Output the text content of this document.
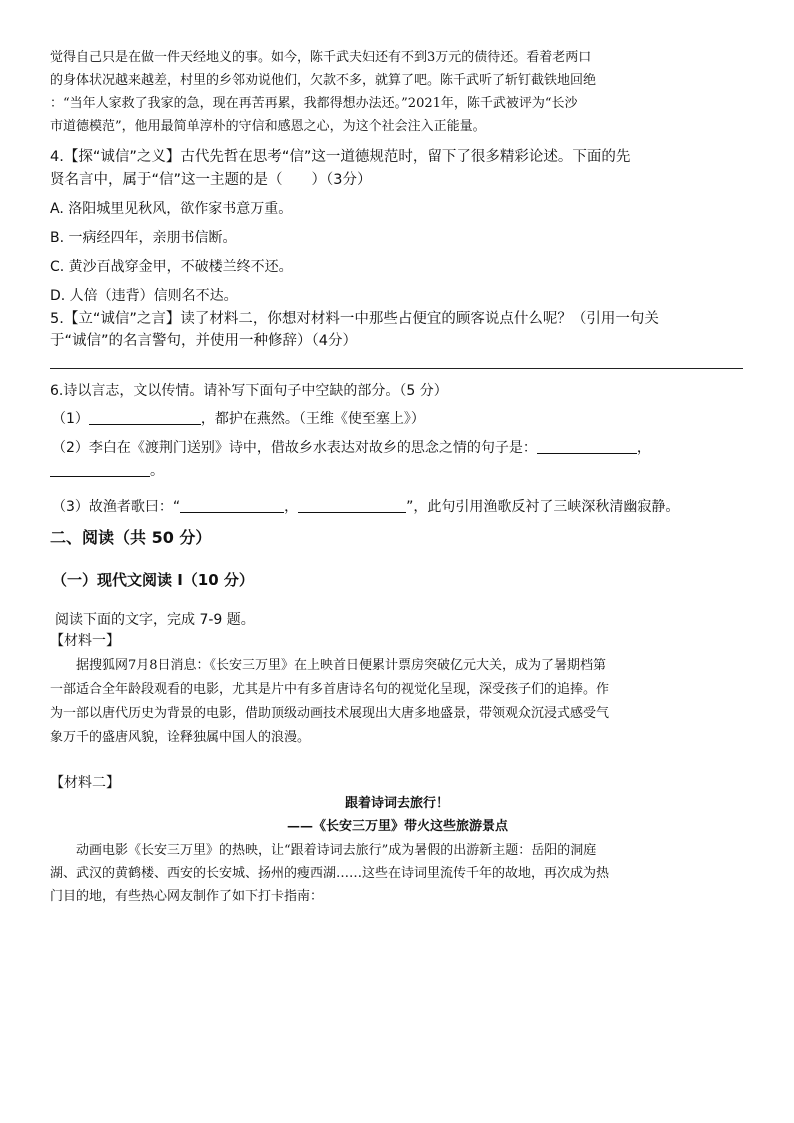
觉得自己只是在做一件天经地义的事。如今，陈千武夫妇还有不到3万元的债待还。看着老两口
的身体状况越来越差，村里的乡邻劝说他们，欠款不多，就算了吧。陈千武听了斩钉截铁地回绝
：“当年人家救了我家的急，现在再苦再累，我都得想办法还。”2021年，陈千武被评为“长沙
市道德模范”，他用最简单淳朴的守信和感恩之心，为这个社会注入正能量。
4.【探“诚信”之义】古代先哲在思考“信”这一道德规范时，留下了很多精彩论述。下面的先
贤名言中，属于“信”这一主题的是（　　）（3分）
A. 洛阳城里见秋风，欲作家书意万重。
B. 一病经四年，亲朋书信断。
C. 黄沙百战穿金甲，不破楼兰终不还。
D. 人倍（违背）信则名不达。
5.【立“诚信”之言】读了材料二，你想对材料一中那些占便宜的顾客说点什么呢？（引用一句关
于“诚信”的名言警句，并使用一种修辞）（4分）
6.诗以言志，文以传情。请补写下面句子中空缺的部分。（5 分）
（1）	，都护在燕然。（王维《使至塞上》）
（2）李白在《渡荆门送别》诗中，借故乡水表达对故乡的思念之情的句子是：	，
。
（3）故渔者歌曰：“	，	”，此句引用渔歌反衬了三峡深秋清幽寂静。
二、阅读（共 50 分）
（一）现代文阅读 I（10 分）
阅读下面的文字，完成 7-9 题。
【材料一】
　　据搜狐网7月8日消息：《长安三万里》在上映首日便累计票房突破亿元大关，成为了暑期档第
一部适合全年龄段观看的电影，尤其是片中有多首唐诗名句的视觉化呈现，深受孩子们的追捧。作
为一部以唐代历史为背景的电影，借助顶级动画技术展现出大唐多地盛景，带领观众沉浸式感受气
象万千的盛唐风貌，诠释独属中国人的浪漫。
【材料二】
跟着诗词去旅行！
——《长安三万里》带火这些旅游景点
　　动画电影《长安三万里》的热映，让“跟着诗词去旅行”成为暑假的出游新主题：岳阳的洞庭
湖、武汉的黄鹤楼、西安的长安城、扬州的瘦西湖……这些在诗词里流传千年的故地，再次成为热
门目的地，有些热心网友制作了如下打卡指南：
